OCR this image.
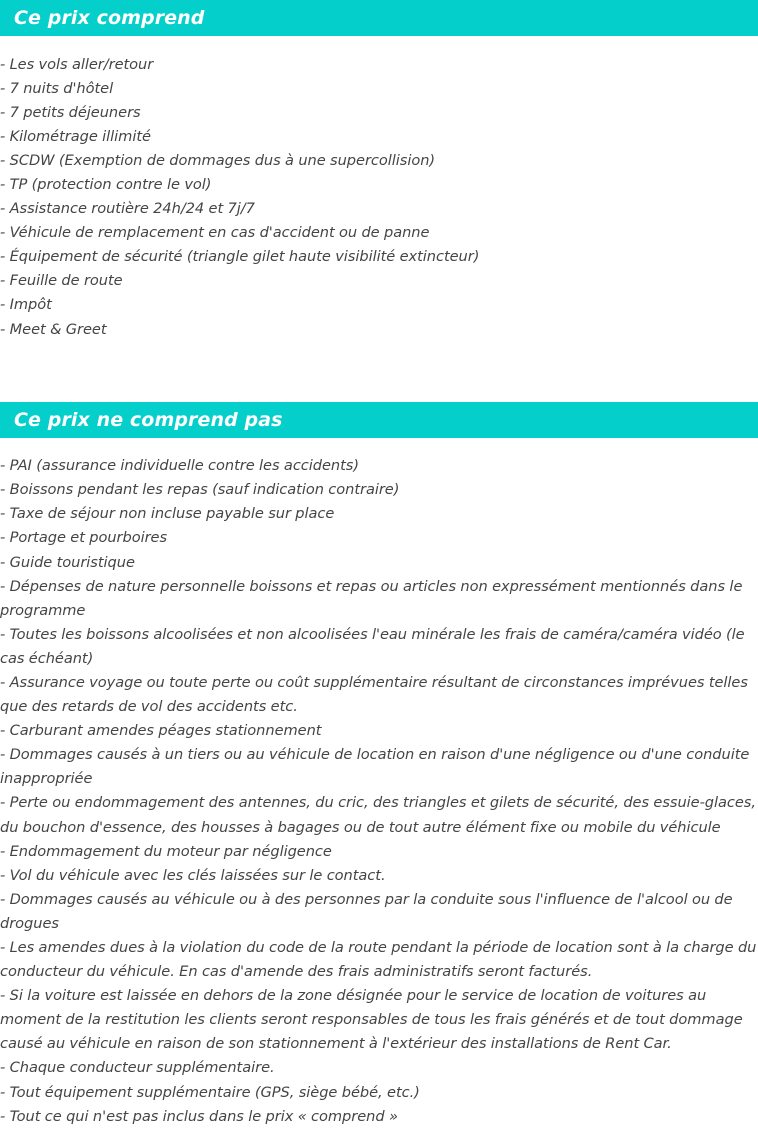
Ce prix comprend

- Les vols aller/retour

- 7 nuits d'hôtel

- 7 petits déjeuners

- Kilométrage illimité

- SCDW (Exemption de dommages dus à une supercollision)

- TP (protection contre le vol)

- Assistance routière 24h/24 et 7j/7

- Véhicule de remplacement en cas d'accident ou de panne

- Équipement de sécurité (triangle gilet haute visibilité extincteur)

- Feuille de route

- Impôt

- Meet & Greet

Ce prix ne comprend pas

- PAI (assurance individuelle contre les accidents)

- Boissons pendant les repas (sauf indication contraire)

- Taxe de séjour non incluse payable sur place

- Portage et pourboires

- Guide touristique

- Dépenses de nature personnelle boissons et repas ou articles non expressément mentionnés dans le programme

- Toutes les boissons alcoolisées et non alcoolisées l'eau minérale les frais de caméra/caméra vidéo (le cas échéant)

- Assurance voyage ou toute perte ou coût supplémentaire résultant de circonstances imprévues telles que des retards de vol des accidents etc.

- Carburant amendes péages stationnement

- Dommages causés à un tiers ou au véhicule de location en raison d'une négligence ou d'une conduite inappropriée

- Perte ou endommagement des antennes, du cric, des triangles et gilets de sécurité, des essuie-glaces, du bouchon d'essence, des housses à bagages ou de tout autre élément fixe ou mobile du véhicule

- Endommagement du moteur par négligence

- Vol du véhicule avec les clés laissées sur le contact.

- Dommages causés au véhicule ou à des personnes par la conduite sous l'influence de l'alcool ou de drogues

- Les amendes dues à la violation du code de la route pendant la période de location sont à la charge du conducteur du véhicule. En cas d'amende des frais administratifs seront facturés.

- Si la voiture est laissée en dehors de la zone désignée pour le service de location de voitures au moment de la restitution les clients seront responsables de tous les frais générés et de tout dommage causé au véhicule en raison de son stationnement à l'extérieur des installations de Rent Car.

- Chaque conducteur supplémentaire.

- Tout équipement supplémentaire (GPS, siège bébé, etc.)

- Tout ce qui n'est pas inclus dans le prix « comprend »
